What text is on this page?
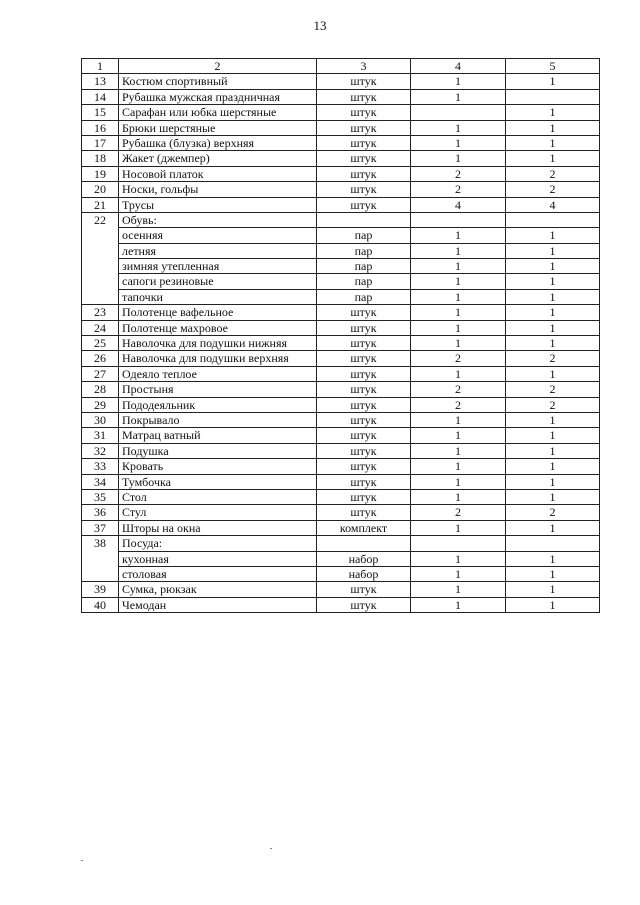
13
1	2	3	4	5
13	Костюм спортивный	штук	1	1
14	Рубашка мужская праздничная	штук	1	
15	Сарафан или юбка шерстяные	штук		1
16	Брюки шерстяные	штук	1	1
17	Рубашка (блузка) верхняя	штук	1	1
18	Жакет (джемпер)	штук	1	1
19	Носовой платок	штук	2	2
20	Носки, гольфы	штук	2	2
21	Трусы	штук	4	4
22	Обувь:			
	осенняя	пар	1	1
	летняя	пар	1	1
	зимняя утепленная	пар	1	1
	сапоги резиновые	пар	1	1
	тапочки	пар	1	1
23	Полотенце вафельное	штук	1	1
24	Полотенце махровое	штук	1	1
25	Наволочка для подушки нижняя	штук	1	1
26	Наволочка для подушки верхняя	штук	2	2
27	Одеяло теплое	штук	1	1
28	Простыня	штук	2	2
29	Пододеяльник	штук	2	2
30	Покрывало	штук	1	1
31	Матрац ватный	штук	1	1
32	Подушка	штук	1	1
33	Кровать	штук	1	1
34	Тумбочка	штук	1	1
35	Стол	штук	1	1
36	Стул	штук	2	2
37	Шторы на окна	комплект	1	1
38	Посуда:			
	кухонная	набор	1	1
	столовая	набор	1	1
39	Сумка, рюкзак	штук	1	1
40	Чемодан	штук	1	1
